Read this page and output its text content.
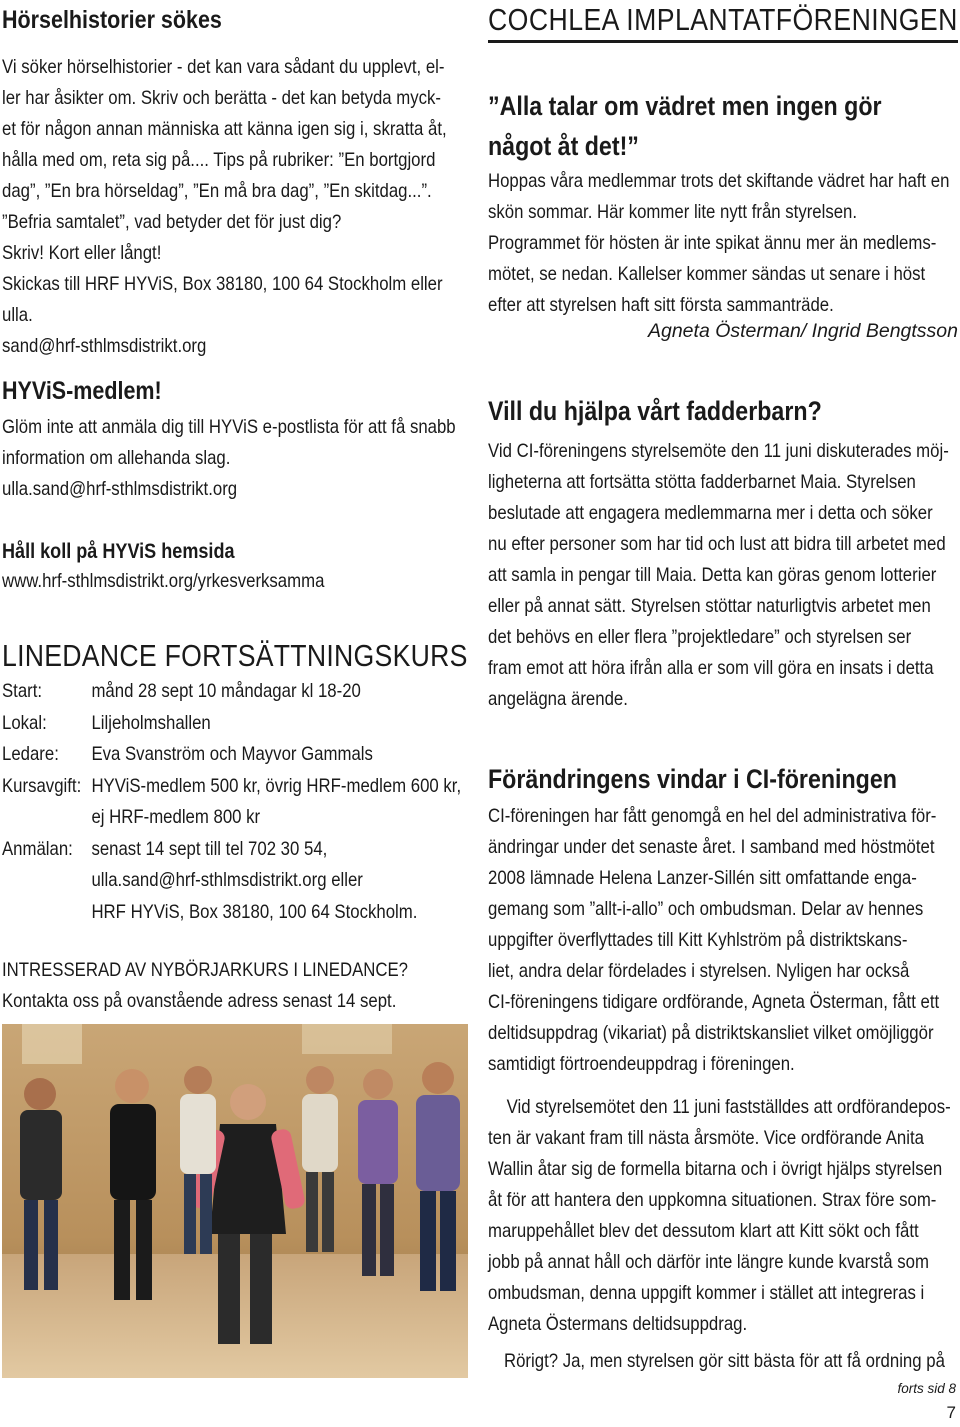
Hörselhistorier sökes

Vi söker hörselhistorier - det kan vara sådant du upplevt, el-

ler har åsikter om. Skriv och berätta - det kan betyda myck-

et för någon annan människa att känna igen sig i, skratta åt,

hålla med om, reta sig på.... Tips på rubriker: ”En bortgjord

dag”, ”En bra hörseldag”, ”En må bra dag”, ”En skitdag...”.

”Befria samtalet”, vad betyder det för just dig?

Skriv! Kort eller långt!

Skickas till HRF HYViS, Box 38180, 100 64 Stockholm eller ulla.

sand@hrf-sthlmsdistrikt.org

HYViS-medlem!

Glöm inte att anmäla dig till HYViS e-postlista för att få snabb

information om allehanda slag.

ulla.sand@hrf-sthlmsdistrikt.org

Håll koll på HYViS hemsida

www.hrf-sthlmsdistrikt.org/yrkesverksamma

LINEDANCE FORTSÄTTNINGSKURS
Start:	månd 28 sept 10 måndagar kl 18-20
Lokal:	Liljeholmshallen
Ledare:	Eva Svanström och Mayvor Gammals
Kursavgift:	HYViS-medlem 500 kr, övrig HRF-medlem 600 kr,
	ej HRF-medlem 800 kr
Anmälan:	senast 14 sept till tel 702 30 54,
	ulla.sand@hrf-sthlmsdistrikt.org eller
	HRF HYViS, Box 38180, 100 64 Stockholm.

INTRESSERAD AV NYBÖRJARKURS I LINEDANCE?

Kontakta oss på ovanstående adress senast 14 sept.

COCHLEA IMPLANTATFÖRENINGEN
”Alla talar om vädret men ingen gör
något åt det!”

Hoppas våra medlemmar trots det skiftande vädret har haft en

skön sommar. Här kommer lite nytt från styrelsen.

Programmet för hösten är inte spikat ännu mer än medlems-

mötet, se nedan. Kallelser kommer sändas ut senare i höst

efter att styrelsen haft sitt första sammanträde.

Agneta Österman/ Ingrid Bengtsson

Vill du hjälpa vårt fadderbarn?

Vid CI-föreningens styrelsemöte den 11 juni diskuterades möj-

ligheterna att fortsätta stötta fadderbarnet Maia. Styrelsen

beslutade att engagera medlemmarna mer i detta och söker

nu efter personer som har tid och lust att bidra till arbetet med

att samla in pengar till Maia. Detta kan göras genom lotterier

eller på annat sätt. Styrelsen stöttar naturligtvis arbetet men

det behövs en eller flera ”projektledare” och styrelsen ser

fram emot att höra ifrån alla er som vill göra en insats i detta

angelägna ärende.

Förändringens vindar i CI-föreningen

CI-föreningen har fått genomgå en hel del administrativa för-

ändringar under det senaste året. I samband med höstmötet

2008 lämnade Helena Lanzer-Sillén sitt omfattande enga-

gemang som ”allt-i-allo” och ombudsman. Delar av hennes

uppgifter överflyttades till Kitt Kyhlström på distriktskans-

liet, andra delar fördelades i styrelsen. Nyligen har också

CI-föreningens tidigare ordförande, Agneta Österman, fått ett

deltidsuppdrag (vikariat) på distriktskansliet vilket omöjliggör

samtidigt förtroendeuppdrag i föreningen.

Vid styrelsemötet den 11 juni fastställdes att ordförandepos-

ten är vakant fram till nästa årsmöte. Vice ordförande Anita

Wallin åtar sig de formella bitarna och i övrigt hjälps styrelsen

åt för att hantera den uppkomna situationen. Strax före som-

maruppehållet blev det dessutom klart att Kitt sökt och fått

jobb på annat håll och därför inte längre kunde kvarstå som

ombudsman, denna uppgift kommer i stället att integreras i

Agneta Östermans deltidsuppdrag.

Rörigt? Ja, men styrelsen gör sitt bästa för att få ordning på

forts sid 8

7
